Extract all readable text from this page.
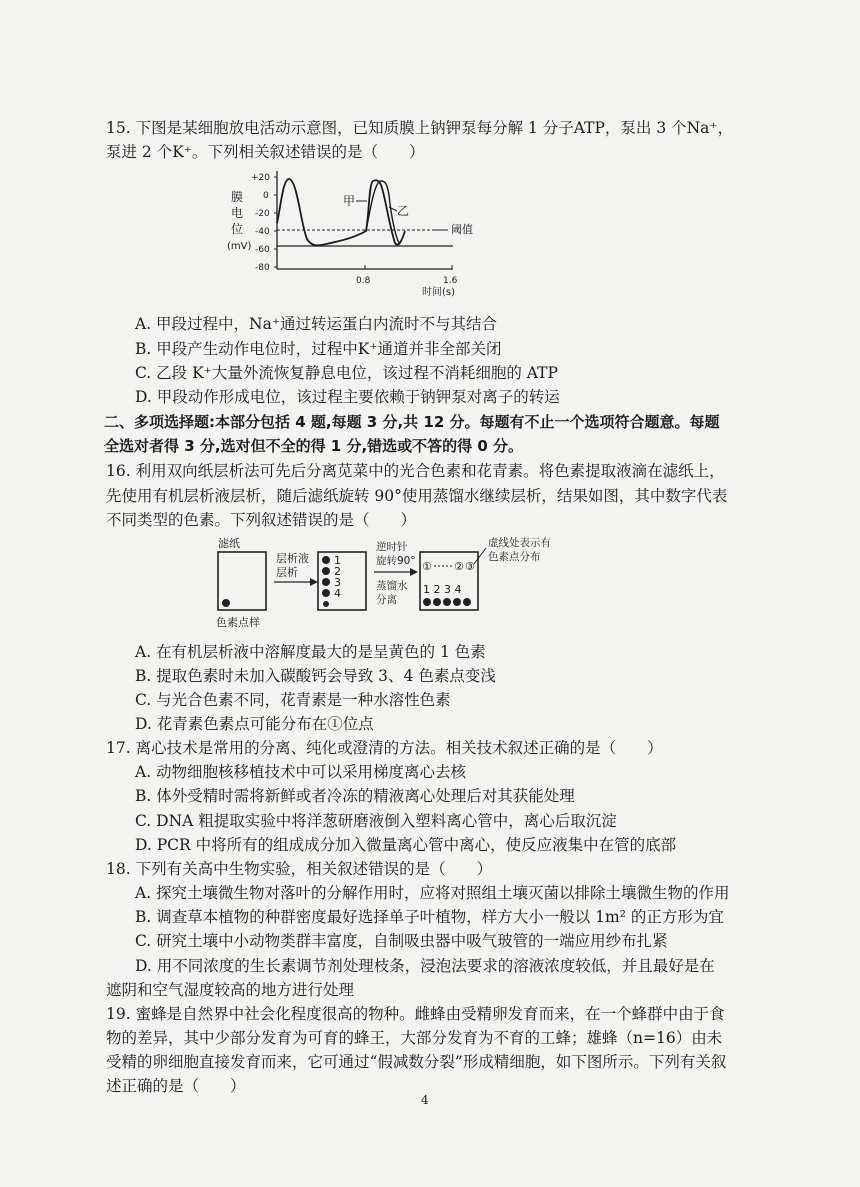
15. 下图是某细胞放电活动示意图，已知质膜上钠钾泵每分解 1 分子ATP，泵出 3 个Na⁺，
泵进 2 个K⁺。下列相关叙述错误的是（　　）
膜
电
位
(mV)
+20
0
-20
-40
-60
-80
0.8	1.6
时间(s)
阈值
甲
乙
A. 甲段过程中，Na⁺通过转运蛋白内流时不与其结合
B. 甲段产生动作电位时，过程中K⁺通道并非全部关闭
C. 乙段 K⁺大量外流恢复静息电位，该过程不消耗细胞的 ATP
D. 甲段动作形成电位，该过程主要依赖于钠钾泵对离子的转运
二、多项选择题:本部分包括 4 题,每题 3 分,共 12 分。每题有不止一个选项符合题意。每题
全选对者得 3 分,选对但不全的得 1 分,错选或不答的得 0 分。
16. 利用双向纸层析法可先后分离苋菜中的光合色素和花青素。将色素提取液滴在滤纸上，
先使用有机层析液层析，随后滤纸旋转 90°使用蒸馏水继续层析，结果如图，其中数字代表
不同类型的色素。下列叙述错误的是（　　）
滤纸
色素点样
层析液
层析
1
2
3
4
逆时针
旋转90°
蒸馏水
分离
① ② ③
1 2 3 4
虚线处表示有
色素点分布
A. 在有机层析液中溶解度最大的是呈黄色的 1 色素
B. 提取色素时未加入碳酸钙会导致 3、4 色素点变浅
C. 与光合色素不同，花青素是一种水溶性色素
D. 花青素色素点可能分布在①位点
17. 离心技术是常用的分离、纯化或澄清的方法。相关技术叙述正确的是（　　）
A. 动物细胞核移植技术中可以采用梯度离心去核
B. 体外受精时需将新鲜或者冷冻的精液离心处理后对其获能处理
C. DNA 粗提取实验中将洋葱研磨液倒入塑料离心管中，离心后取沉淀
D. PCR 中将所有的组成成分加入微量离心管中离心，使反应液集中在管的底部
18. 下列有关高中生物实验，相关叙述错误的是（　　）
A. 探究土壤微生物对落叶的分解作用时，应将对照组土壤灭菌以排除土壤微生物的作用
B. 调查草本植物的种群密度最好选择单子叶植物，样方大小一般以 1m² 的正方形为宜
C. 研究土壤中小动物类群丰富度，自制吸虫器中吸气玻管的一端应用纱布扎紧
D. 用不同浓度的生长素调节剂处理枝条，浸泡法要求的溶液浓度较低，并且最好是在
遮阴和空气湿度较高的地方进行处理
19. 蜜蜂是自然界中社会化程度很高的物种。雌蜂由受精卵发育而来，在一个蜂群中由于食
物的差异，其中少部分发育为可育的蜂王，大部分发育为不育的工蜂；雄蜂（n=16）由未
受精的卵细胞直接发育而来，它可通过“假减数分裂”形成精细胞，如下图所示。下列有关叙
述正确的是（　　）
4
